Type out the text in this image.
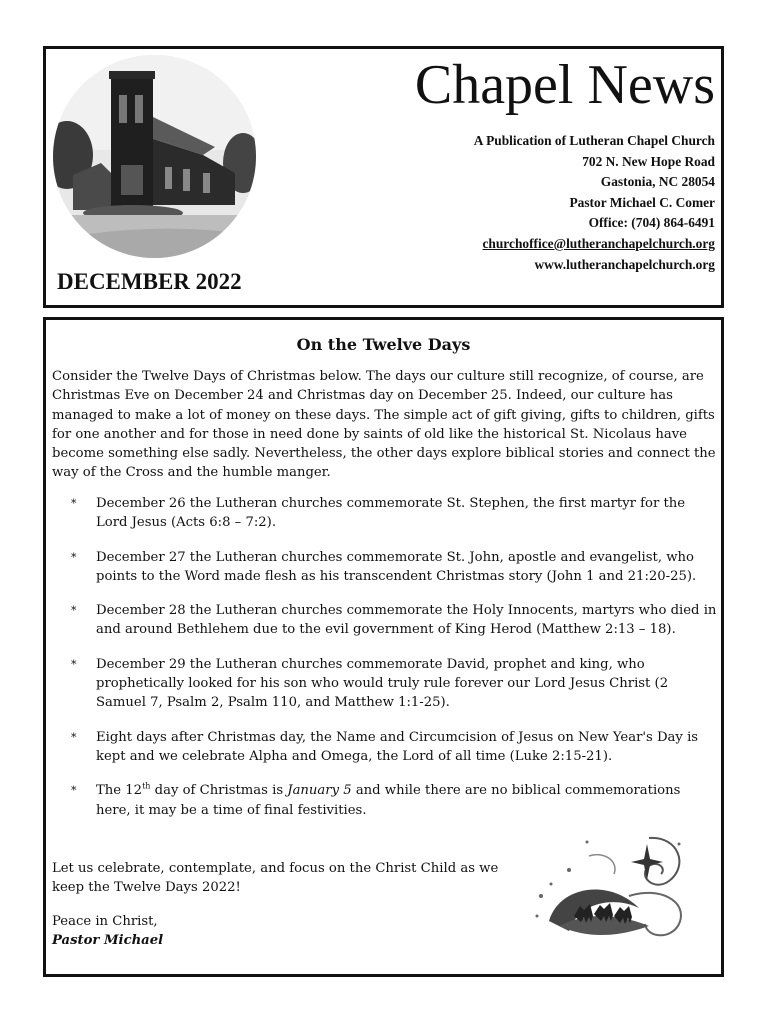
Chapel News
A Publication of Lutheran Chapel Church
702 N. New Hope Road
Gastonia, NC 28054
Pastor Michael C. Comer
Office: (704) 864-6491
churchoffice@lutheranchapelchurch.org
www.lutheranchapelchurch.org
DECEMBER 2022
On the Twelve Days

Consider the Twelve Days of Christmas below. The days our culture still recognize, of course, are Christmas Eve on December 24 and Christmas day on December 25. Indeed, our culture has managed to make a lot of money on these days. The simple act of gift giving, gifts to children, gifts for one another and for those in need done by saints of old like the historical St. Nicolaus have become something else sadly. Nevertheless, the other days explore biblical stories and connect the way of the Cross and the humble manger.

* December 26 the Lutheran churches commemorate St. Stephen, the first martyr for the Lord Jesus (Acts 6:8 – 7:2).
* December 27 the Lutheran churches commemorate St. John, apostle and evangelist, who points to the Word made flesh as his transcendent Christmas story (John 1 and 21:20-25).
* December 28 the Lutheran churches commemorate the Holy Innocents, martyrs who died in and around Bethlehem due to the evil government of King Herod (Matthew 2:13 – 18).
* December 29 the Lutheran churches commemorate David, prophet and king, who prophetically looked for his son who would truly rule forever our Lord Jesus Christ (2 Samuel 7, Psalm 2, Psalm 110, and Matthew 1:1-25).
* Eight days after Christmas day, the Name and Circumcision of Jesus on New Year's Day is kept and we celebrate Alpha and Omega, the Lord of all time (Luke 2:15-21).
* The 12th day of Christmas is January 5 and while there are no biblical commemorations here, it may be a time of final festivities.

Let us celebrate, contemplate, and focus on the Christ Child as we keep the Twelve Days 2022!

Peace in Christ,
Pastor Michael
